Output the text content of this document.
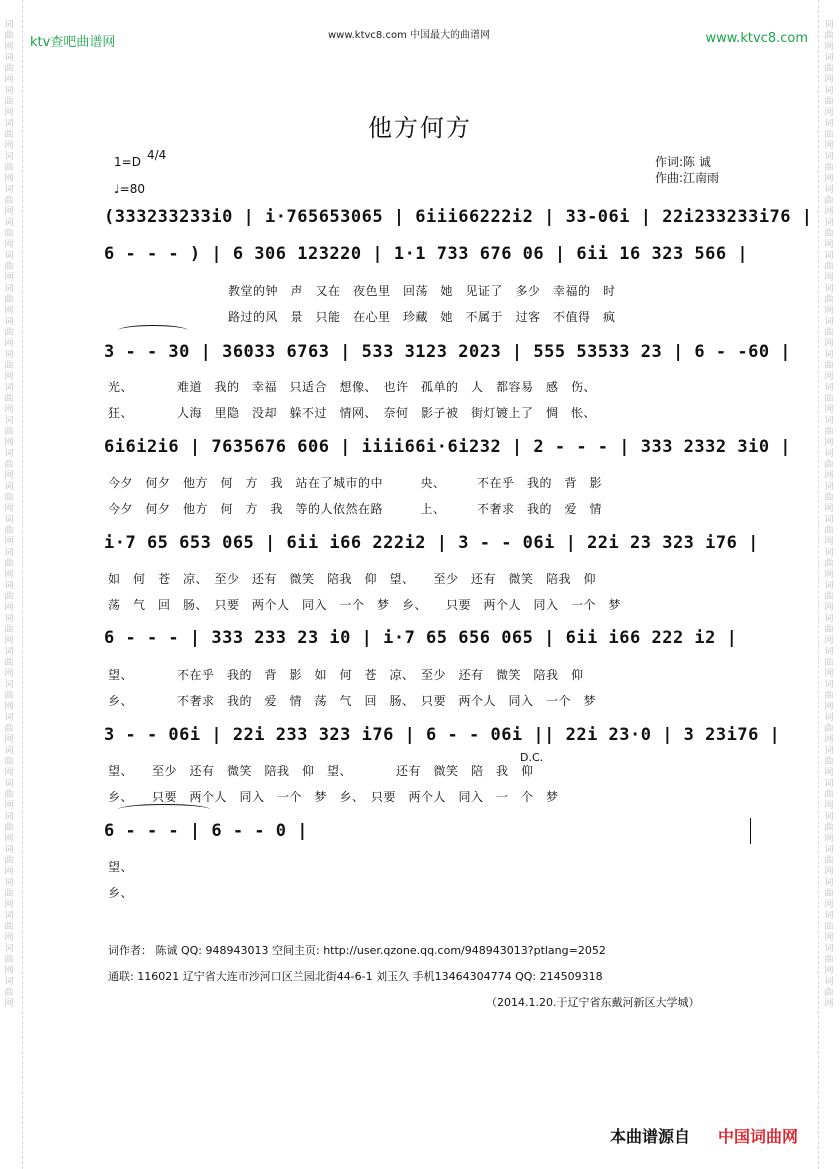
词曲网 词曲网 词曲网 词曲网 词曲网 词曲网 词曲网 词曲网 词曲网 词曲网 词曲网 词曲网 词曲网 词曲网 词曲网 词曲网 词曲网 词曲网 词曲网 词曲网 词曲网 词曲网 词曲网 词曲网 词曲网 词曲网 词曲网 词曲网 词曲网 词曲网
词曲网 词曲网 词曲网 词曲网 词曲网 词曲网 词曲网 词曲网 词曲网 词曲网 词曲网 词曲网 词曲网 词曲网 词曲网 词曲网 词曲网 词曲网 词曲网 词曲网 词曲网 词曲网 词曲网 词曲网 词曲网 词曲网 词曲网 词曲网 词曲网 词曲网
ktv查吧曲谱网	www.ktvc8.com 中国最大的曲谱网	www.ktvc8.com
他方何方
1=D 4/4
♩=80
作词:陈 诚
作曲:江南雨
(333233233i0 | i·765653065 | 6iii66222i2 | 33-06i | 22i233233i76 |
6 - - - ) | 6 306 123220 | 1·1 733 676 06 | 6ii 16 323 566 |
教堂的钟　声　又在　夜色里　回荡　她　见证了　多少　幸福的　时
路过的风　景　只能　在心里　珍藏　她　不属于　过客　不值得　疯
3 - - 30 | 36033 6763 | 533 3123 2023 | 555 53533 23 | 6 - -60 |
光、　　　　难道　我的　幸福　只适合　想像、　也许　孤单的　人　都容易　感　伤、
狂、　　　　人海　里隐　没却　躲不过　情网、　奈何　影子被　街灯镀上了　惆　怅、
6i6i2i6 | 7635676 606 | iiii66i·6i232 | 2 - - - | 333 2332 3i0 |
今夕　何夕　他方　何　方　我　站在了城市的中　　　央、　　　不在乎　我的　背　影
今夕　何夕　他方　何　方　我　等的人依然在路　　　上、　　　不奢求　我的　爱　情
i·7 65 653 065 | 6ii i66 222i2 | 3 - - 06i | 22i 23 323 i76 |
如　何　苍　凉、　至少　还有　微笑　陪我　仰　望、　　至少　还有　微笑　陪我　仰
荡　气　回　肠、　只要　两个人　同入　一个　梦　乡、　　只要　两个人　同入　一个　梦
6 - - - | 333 233 23 i0 | i·7 65 656 065 | 6ii i66 222 i2 |
望、　　　　不在乎　我的　背　影　如　何　苍　凉、　至少　还有　微笑　陪我　仰
乡、　　　　不奢求　我的　爱　情　荡　气　回　肠、　只要　两个人　同入　一个　梦
3 - - 06i | 22i 233 323 i76 | 6 - - 06i || 22i 23·0 | 3 23i76 |
D.C.
望、　　至少　还有　微笑　陪我　仰　望、　　　　还有　微笑　陪　我　仰
乡、　　只要　两个人　同入　一个　梦　乡、　只要　两个人　同入　一　个　梦
6 - - - | 6 - - 0 |
望、
乡、
词作者： 陈诚 QQ: 948943013 空间主页: http://user.qzone.qq.com/948943013?ptlang=2052
通联: 116021 辽宁省大连市沙河口区兰园北街44-6-1 刘玉久 手机13464304774 QQ: 214509318
（2014.1.20.于辽宁省东戴河新区大学城）
本曲谱源自 中国词曲网
